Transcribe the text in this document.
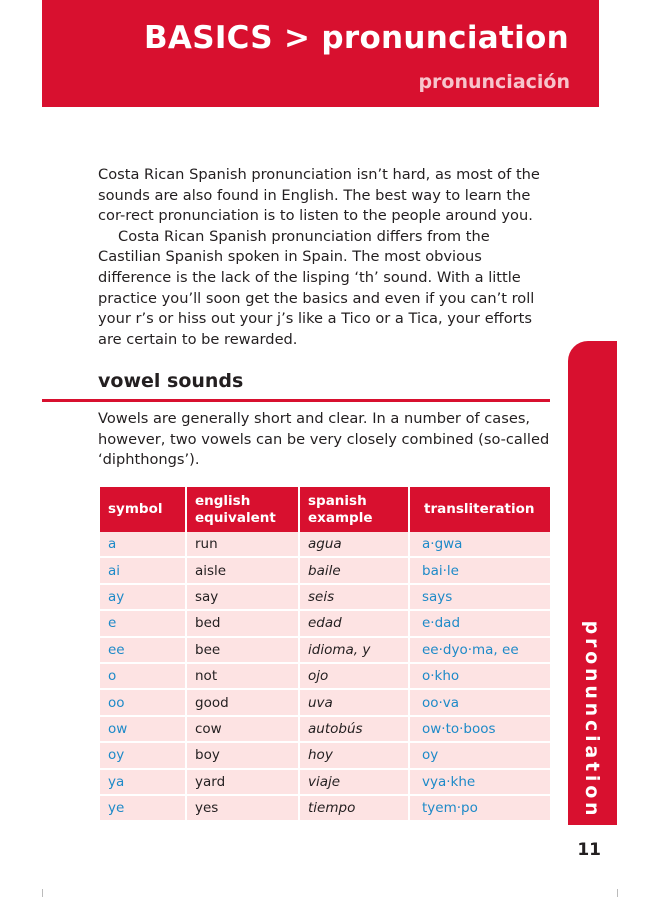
BASICS > pronunciation
pronunciación

Costa Rican Spanish pronunciation isn’t hard, as most of the sounds are also found in English. The best way to learn the cor-rect pronunciation is to listen to the people around you.

Costa Rican Spanish pronunciation differs from the Castilian Spanish spoken in Spain. The most obvious difference is the lack of the lisping ‘th’ sound. With a little practice you’ll soon get the basics and even if you can’t roll your r’s or hiss out your j’s like a Tico or a Tica, your efforts are certain to be rewarded.

vowel sounds

Vowels are generally short and clear. In a number of cases, however, two vowels can be very closely combined (so-called ‘diphthongs’).

symbol	english equivalent	spanish example	transliteration
a	run	agua	a·gwa
ai	aisle	baile	bai·le
ay	say	seis	says
e	bed	edad	e·dad
ee	bee	idioma, y	ee·dyo·ma, ee
o	not	ojo	o·kho
oo	good	uva	oo·va
ow	cow	autobús	ow·to·boos
oy	boy	hoy	oy
ya	yard	viaje	vya·khe
ye	yes	tiempo	tyem·po	pronunciation
11
